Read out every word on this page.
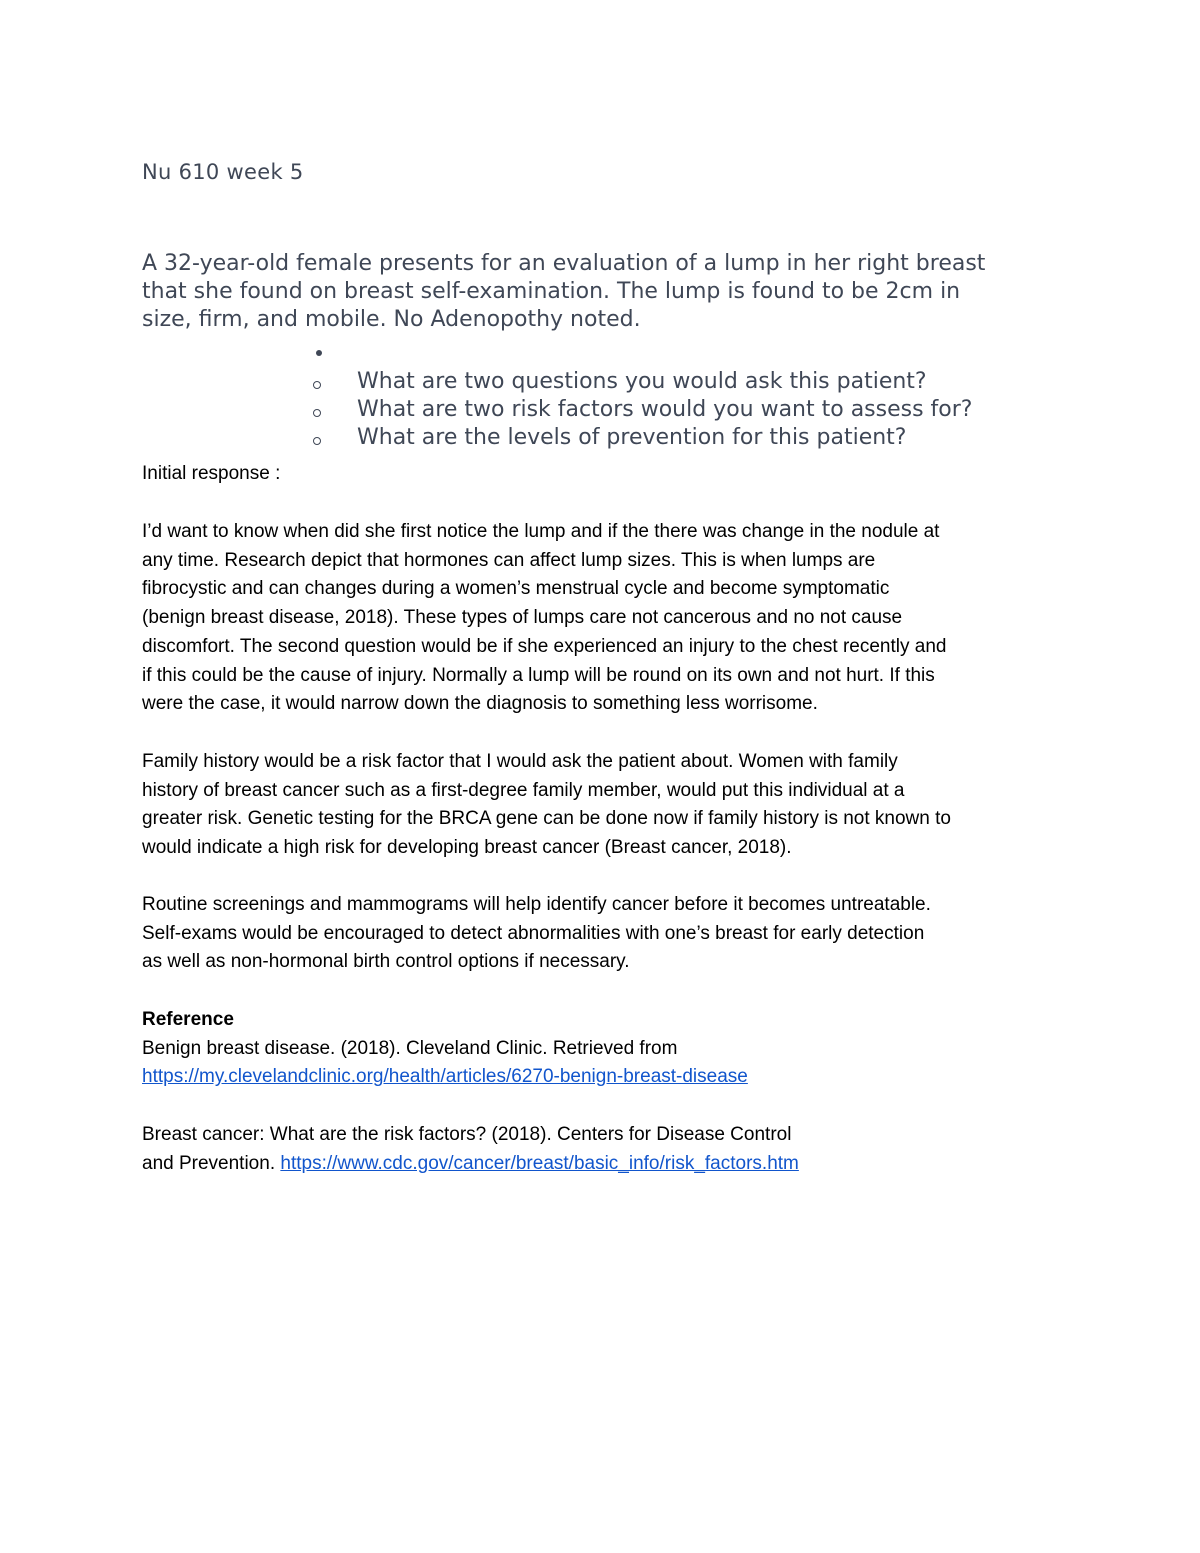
Nu 610 week 5
A 32-year-old female presents for an evaluation of a lump in her right breast
that she found on breast self-examination. The lump is found to be 2cm in
size, firm, and mobile. No Adenopothy noted.
What are two questions you would ask this patient?
What are two risk factors would you want to assess for?
What are the levels of prevention for this patient?
Initial response :
I’d want to know when did she first notice the lump and if the there was change in the nodule at
any time. Research depict that hormones can affect lump sizes. This is when lumps are
fibrocystic and can changes during a women’s menstrual cycle and become symptomatic
(benign breast disease, 2018). These types of lumps care not cancerous and no not cause
discomfort. The second question would be if she experienced an injury to the chest recently and
if this could be the cause of injury. Normally a lump will be round on its own and not hurt. If this
were the case, it would narrow down the diagnosis to something less worrisome.
Family history would be a risk factor that I would ask the patient about. Women with family
history of breast cancer such as a first-degree family member, would put this individual at a
greater risk. Genetic testing for the BRCA gene can be done now if family history is not known to
would indicate a high risk for developing breast cancer (Breast cancer, 2018).
Routine screenings and mammograms will help identify cancer before it becomes untreatable.
Self-exams would be encouraged to detect abnormalities with one’s breast for early detection
as well as non-hormonal birth control options if necessary.
Reference
Benign breast disease. (2018). Cleveland Clinic. Retrieved from
https://my.clevelandclinic.org/health/articles/6270-benign-breast-disease
Breast cancer: What are the risk factors? (2018). Centers for Disease Control
and Prevention. https://www.cdc.gov/cancer/breast/basic_info/risk_factors.htm
